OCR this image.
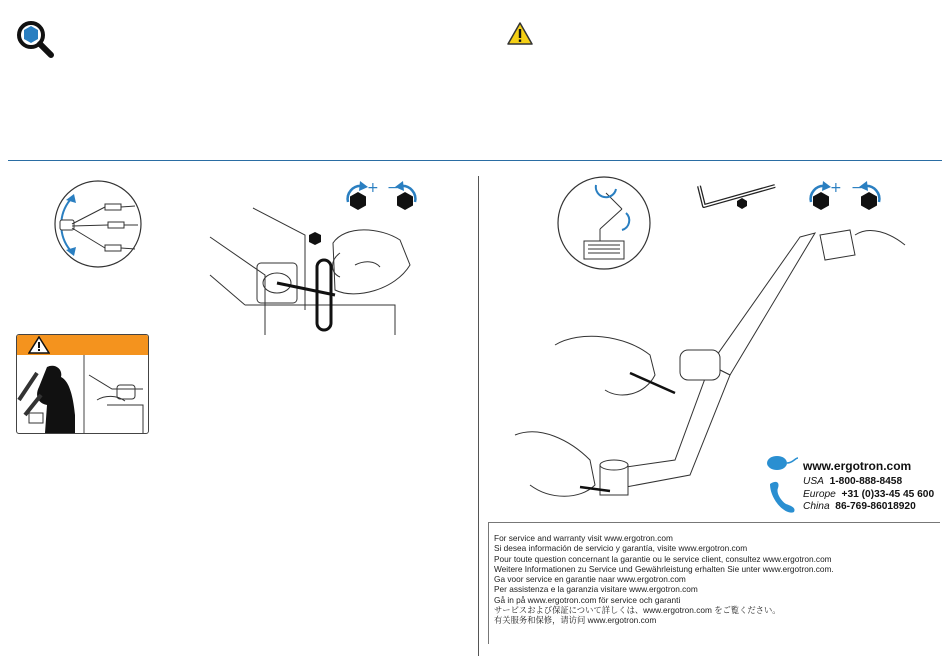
+ −	+ −
www.ergotron.com
USA 1-800-888-8458
Europe +31 (0)33-45 45 600
China 86-769-86018920
For service and warranty visit www.ergotron.com
Si desea información de servicio y garantía, visite www.ergotron.com
Pour toute question concernant la garantie ou le service client, consultez www.ergotron.com
Weitere Informationen zu Service und Gewährleistung erhalten Sie unter www.ergotron.com.
Ga voor service en garantie naar www.ergotron.com
Per assistenza e la garanzia visitare www.ergotron.com
Gå in på www.ergotron.com för service och garanti
サービスおよび保証について詳しくは、www.ergotron.com をご覧ください。
有关服务和保修，请访问 www.ergotron.com
